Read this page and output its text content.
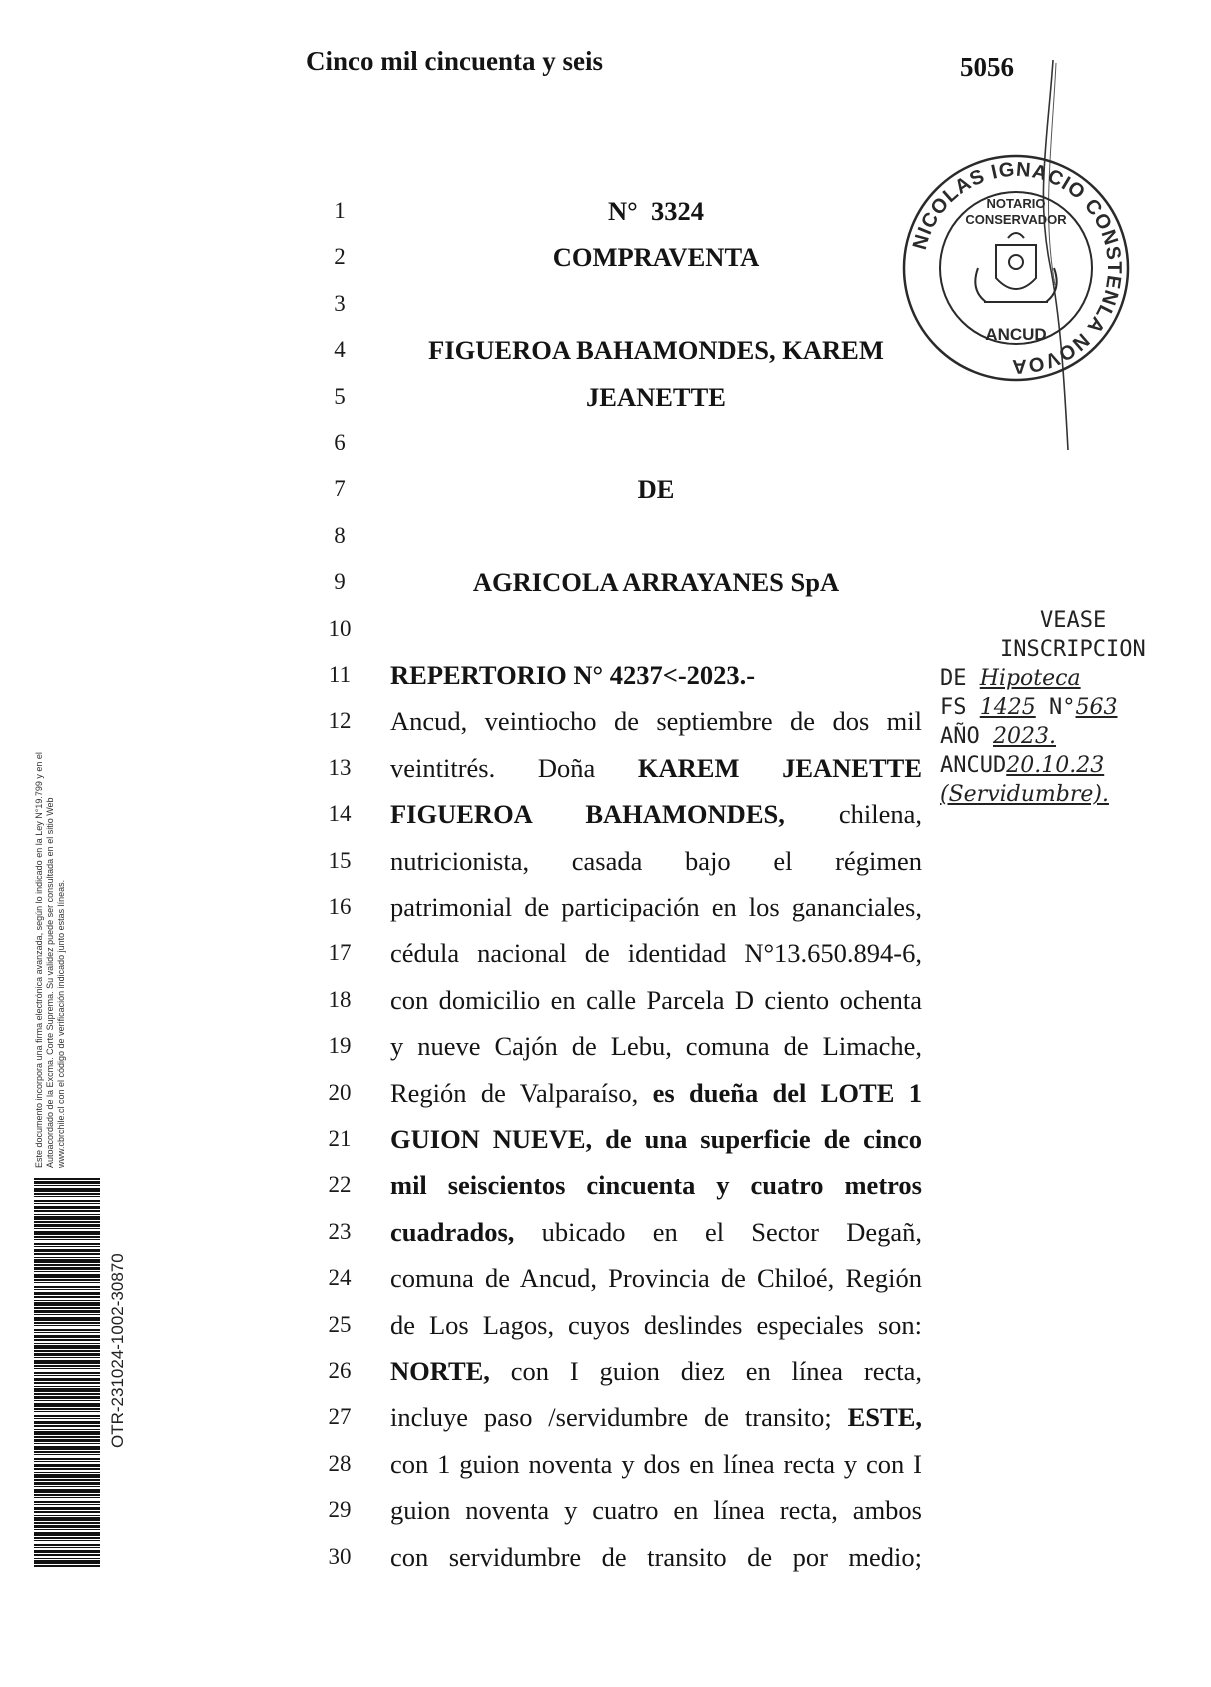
Cinco mil cincuenta y seis	5056
NICOLAS IGNACIO CONSTENLA NOVOA
NOTARIO
CONSERVADOR
ANCUD
VEASE
INSCRIPCION
DE Hipoteca
FS 1425 N°563
AÑO 2023.
ANCUD20.10.23
(Servidumbre).
1	N°  3324
2	COMPRAVENTA
3
4	FIGUEROA BAHAMONDES, KAREM
5	JEANETTE
6
7	DE
8
9	AGRICOLA ARRAYANES SpA
10
11	REPERTORIO N° 4237<-2023.-
12	Ancud, veintiocho de septiembre de dos mil
13	veintitrés. Doña KAREM JEANETTE
14	FIGUEROA BAHAMONDES, chilena,
15	nutricionista, casada bajo el régimen
16	patrimonial de participación en los gananciales,
17	cédula nacional de identidad N°13.650.894-6,
18	con domicilio en calle Parcela D ciento ochenta
19	y nueve Cajón de Lebu, comuna de Limache,
20	Región de Valparaíso, es dueña del LOTE 1
21	GUION NUEVE, de una superficie de cinco
22	mil seiscientos cincuenta y cuatro metros
23	cuadrados, ubicado en el Sector Degañ,
24	comuna de Ancud, Provincia de Chiloé, Región
25	de Los Lagos, cuyos deslindes especiales son:
26	NORTE, con I guion diez en línea recta,
27	incluye paso /servidumbre de transito; ESTE,
28	con 1 guion noventa y dos en línea recta y con I
29	guion noventa y cuatro en línea recta, ambos
30	con servidumbre de transito de por medio;
Este documento incorpora una firma electrónica avanzada, según lo indicado en la Ley N°19.799 y en el Autoacordado de la Excma. Corte Suprema. Su validez puede ser consultada en el sitio Web www.cbrchile.cl con el código de verificación indicado junto estas líneas.
OTR-231024-1002-30870
